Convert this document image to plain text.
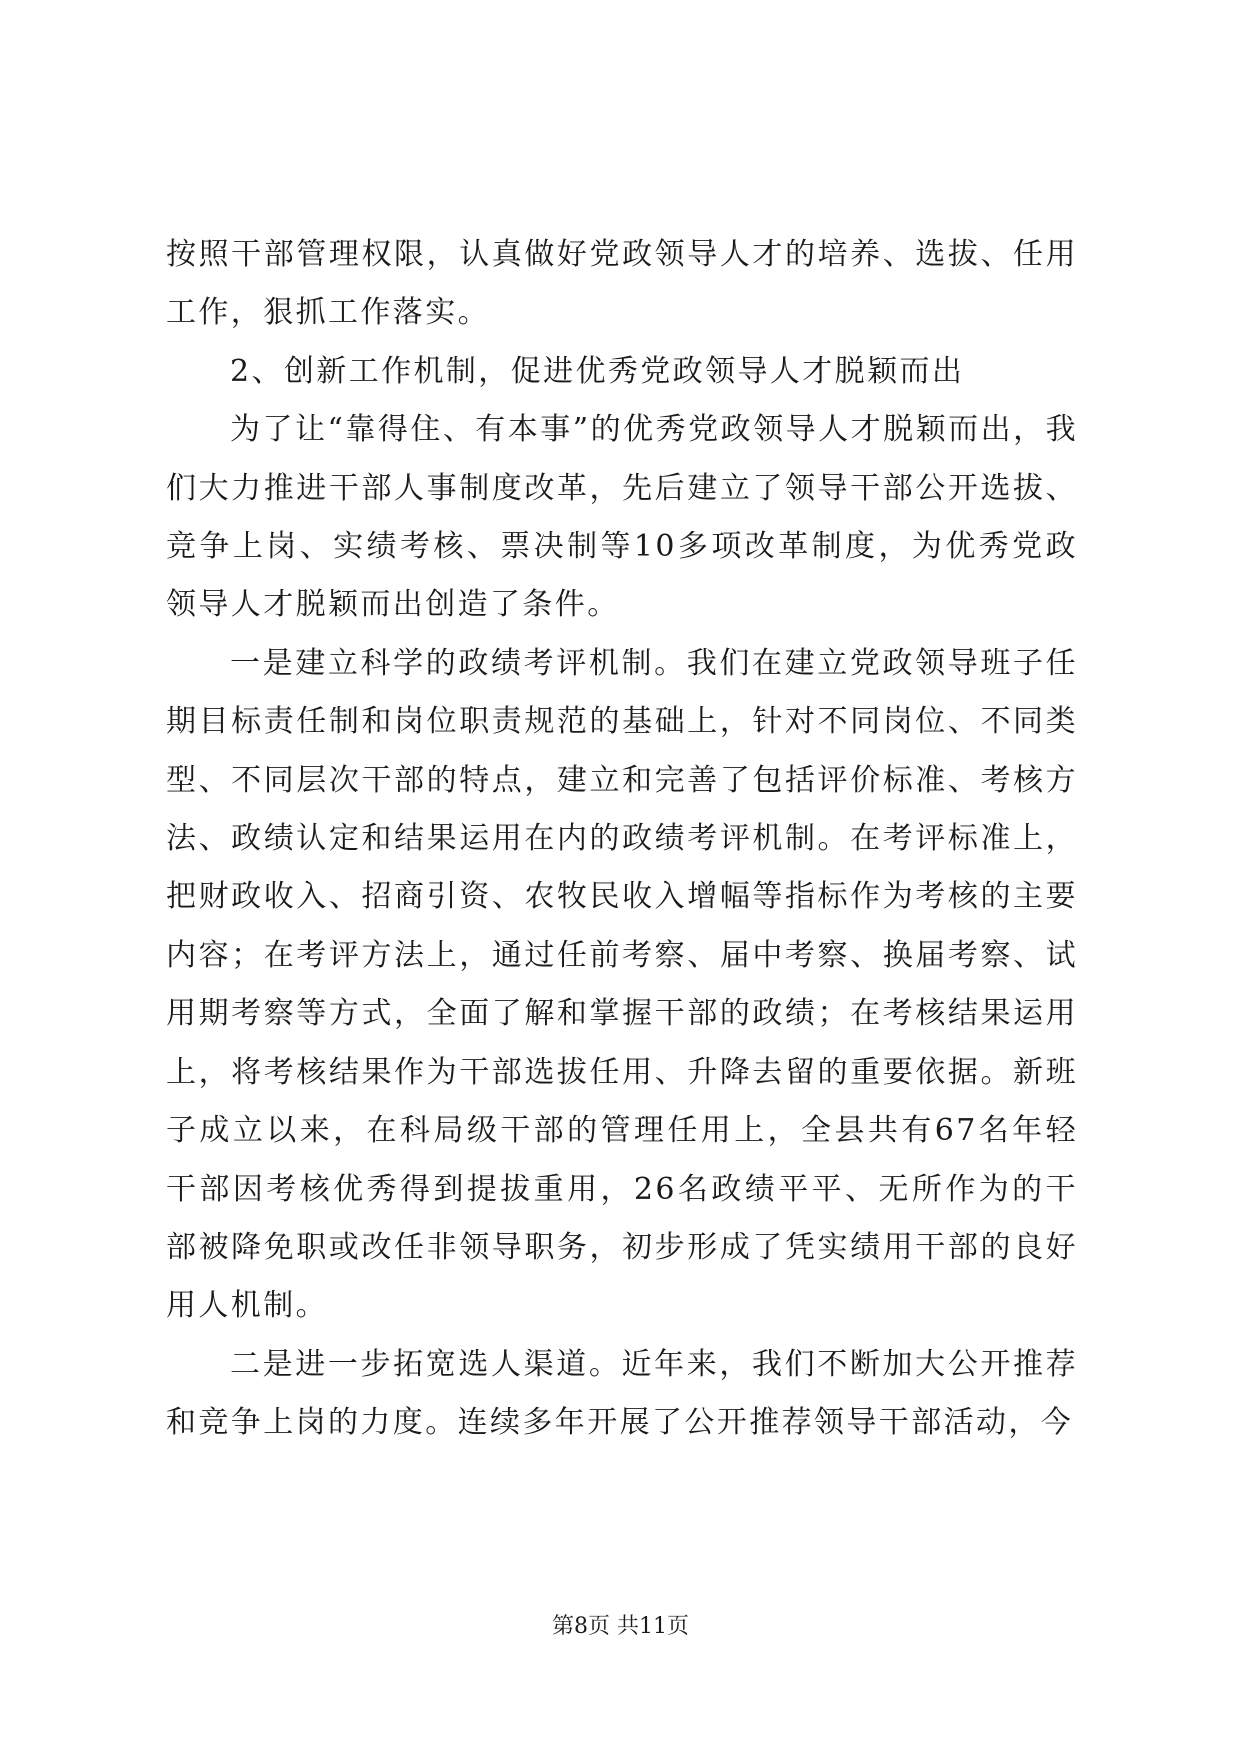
按照干部管理权限，认真做好党政领导人才的培养、选拔、任用工作，狠抓工作落实。

2、创新工作机制，促进优秀党政领导人才脱颖而出

为了让“靠得住、有本事”的优秀党政领导人才脱颖而出，我们大力推进干部人事制度改革，先后建立了领导干部公开选拔、竞争上岗、实绩考核、票决制等10多项改革制度，为优秀党政领导人才脱颖而出创造了条件。

一是建立科学的政绩考评机制。我们在建立党政领导班子任期目标责任制和岗位职责规范的基础上，针对不同岗位、不同类型、不同层次干部的特点，建立和完善了包括评价标准、考核方法、政绩认定和结果运用在内的政绩考评机制。在考评标准上，把财政收入、招商引资、农牧民收入增幅等指标作为考核的主要内容；在考评方法上，通过任前考察、届中考察、换届考察、试用期考察等方式，全面了解和掌握干部的政绩；在考核结果运用上，将考核结果作为干部选拔任用、升降去留的重要依据。新班子成立以来，在科局级干部的管理任用上，全县共有67名年轻干部因考核优秀得到提拔重用，26名政绩平平、无所作为的干部被降免职或改任非领导职务，初步形成了凭实绩用干部的良好用人机制。

二是进一步拓宽选人渠道。近年来，我们不断加大公开推荐和竞争上岗的力度。连续多年开展了公开推荐领导干部活动，今

第8页 共11页
